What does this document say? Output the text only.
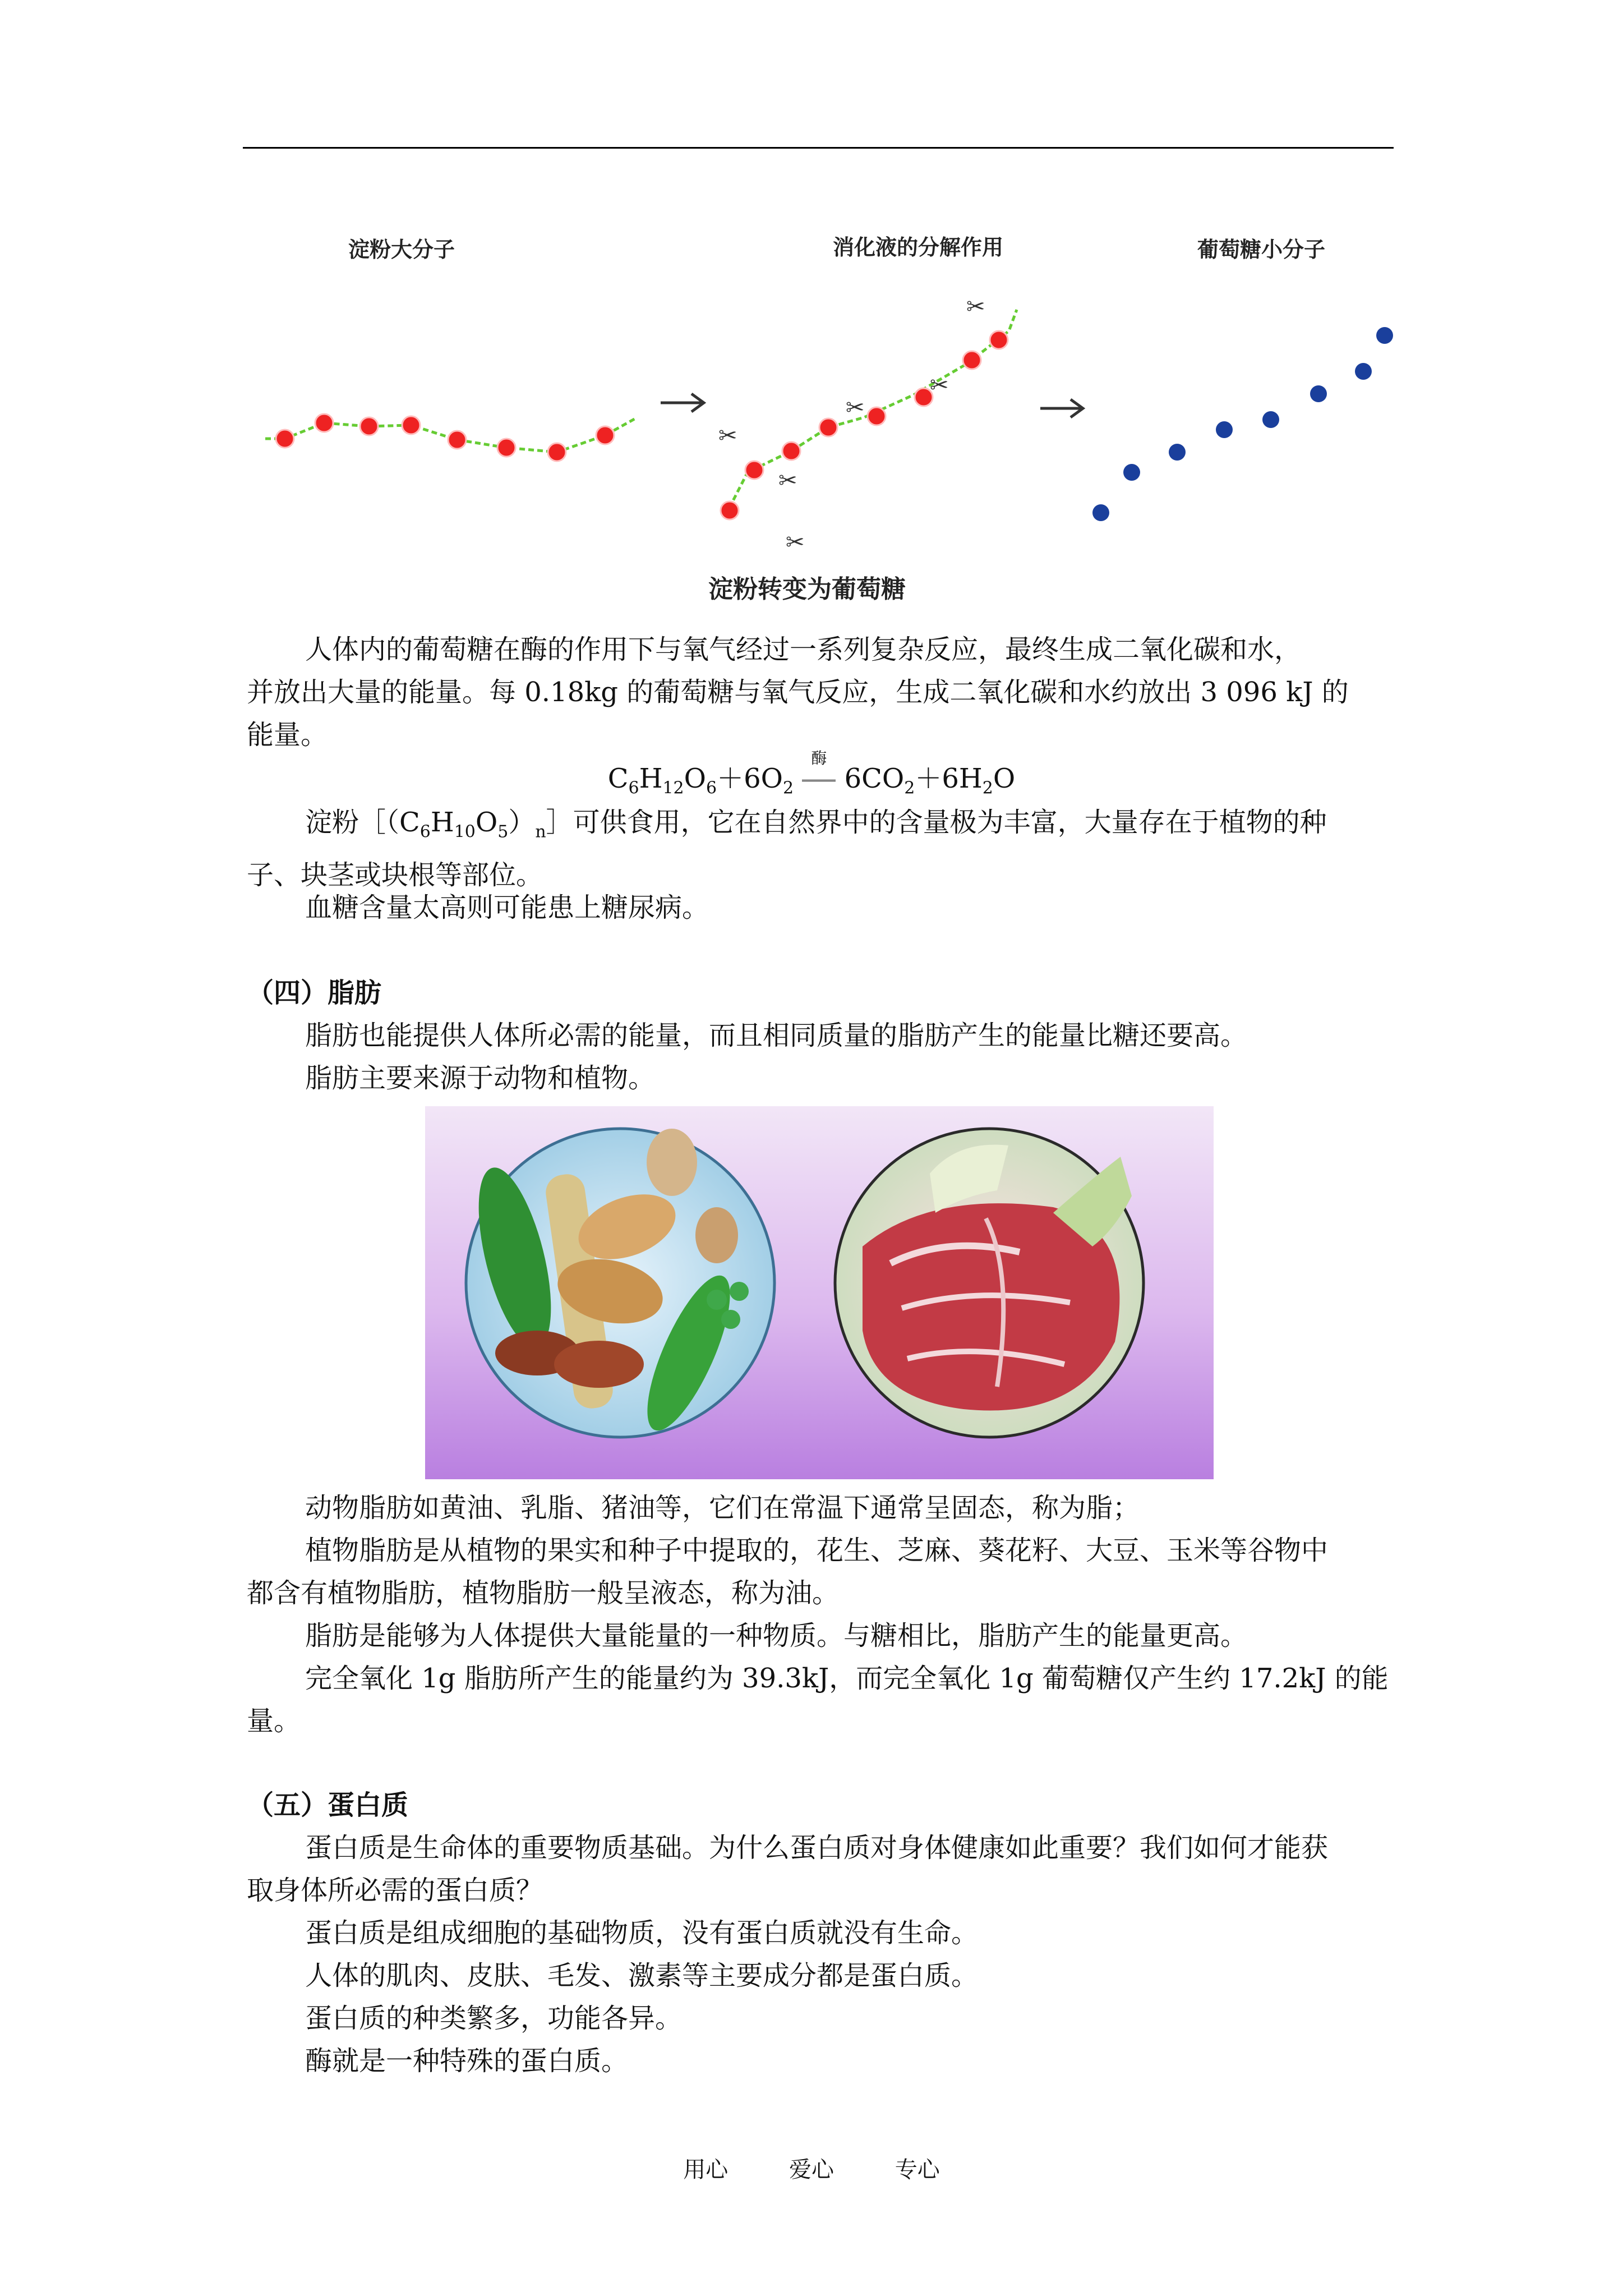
淀粉大分子	消化液的分解作用	葡萄糖小分子
✂
✂
✂
✂
✂
✂
淀粉转变为葡萄糖

人体内的葡萄糖在酶的作用下与氧气经过一系列复杂反应，最终生成二氧化碳和水，
并放出大量的能量。每 0.18kg 的葡萄糖与氧气反应，生成二氧化碳和水约放出 3 096 kJ 的
能量。

$C_6H_{12}O_6+6O_2$
酶
$6CO_2+6H_2O$

淀粉$[(C_6H_{10}O_5)_n]$可供食用，它在自然界中的含量极为丰富，大量存在于植物的种
子、块茎或块根等部位。

血糖含量太高则可能患上糖尿病。

（四）脂肪

脂肪也能提供人体所必需的能量，而且相同质量的脂肪产生的能量比糖还要高。

脂肪主要来源于动物和植物。

动物脂肪如黄油、乳脂、猪油等，它们在常温下通常呈固态，称为脂；

植物脂肪是从植物的果实和种子中提取的，花生、芝麻、葵花籽、大豆、玉米等谷物中
都含有植物脂肪，植物脂肪一般呈液态，称为油。

脂肪是能够为人体提供大量能量的一种物质。与糖相比，脂肪产生的能量更高。

完全氧化 1g 脂肪所产生的能量约为 39.3kJ，而完全氧化 1g 葡萄糖仅产生约 17.2kJ 的能
量。

（五）蛋白质

蛋白质是生命体的重要物质基础。为什么蛋白质对身体健康如此重要？我们如何才能获
取身体所必需的蛋白质？

蛋白质是组成细胞的基础物质，没有蛋白质就没有生命。

人体的肌肉、皮肤、毛发、激素等主要成分都是蛋白质。

蛋白质的种类繁多，功能各异。

酶就是一种特殊的蛋白质。

用心	爱心	专心
